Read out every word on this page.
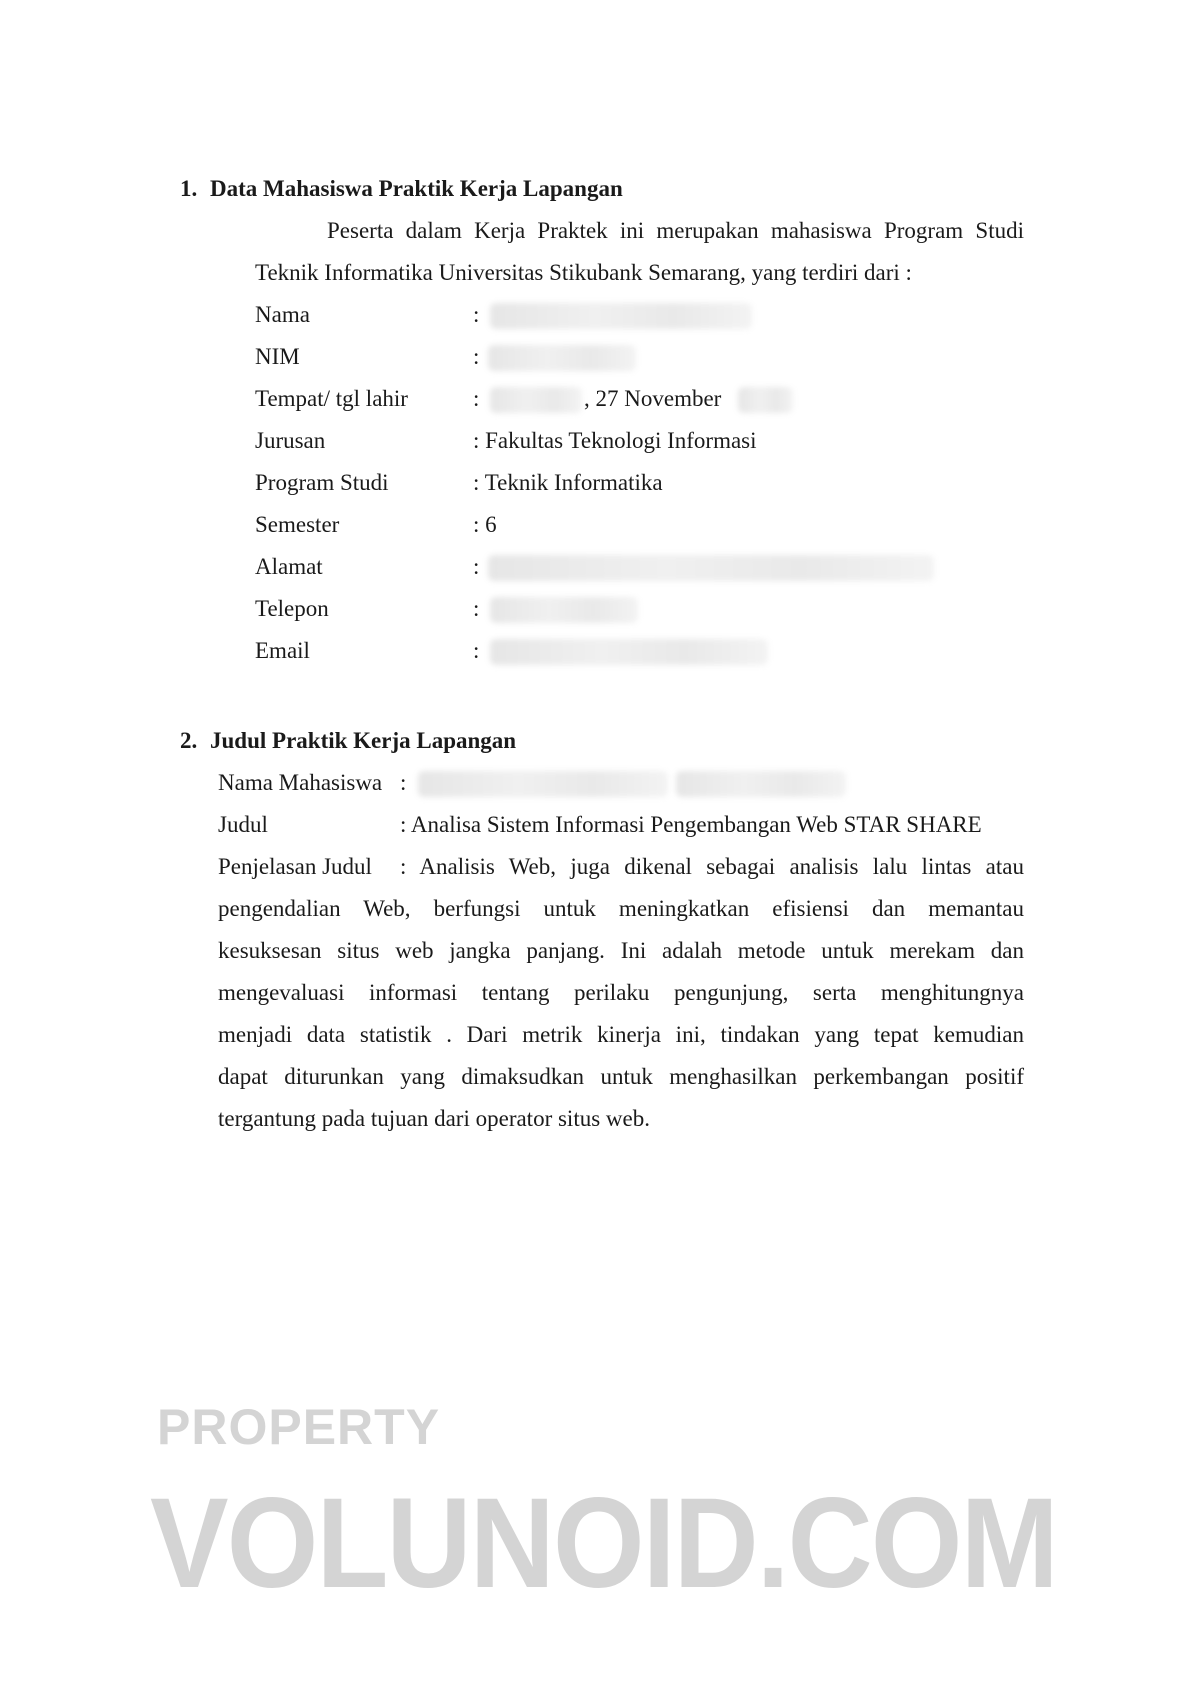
1. Data Mahasiswa Praktik Kerja Lapangan
Peserta dalam Kerja Praktek ini merupakan mahasiswa Program Studi
Teknik Informatika Universitas Stikubank Semarang, yang terdiri dari :
Nama	:
NIM	:
Tempat/ tgl lahir	:	, 27 November
Jurusan	: Fakultas Teknologi Informasi
Program Studi	: Teknik Informatika
Semester	: 6
Alamat	:
Telepon	:
Email	:
2. Judul Praktik Kerja Lapangan
Nama Mahasiswa :
Judul	: Analisa Sistem Informasi Pengembangan Web STAR SHARE
Penjelasan Judul : Analisis Web, juga dikenal sebagai analisis lalu lintas atau
pengendalian Web, berfungsi untuk meningkatkan efisiensi dan memantau
kesuksesan situs web jangka panjang. Ini adalah metode untuk merekam dan
mengevaluasi informasi tentang perilaku pengunjung, serta menghitungnya
menjadi data statistik . Dari metrik kinerja ini, tindakan yang tepat kemudian
dapat diturunkan yang dimaksudkan untuk menghasilkan perkembangan positif
tergantung pada tujuan dari operator situs web.
PROPERTY
VOLUNOID.COM
